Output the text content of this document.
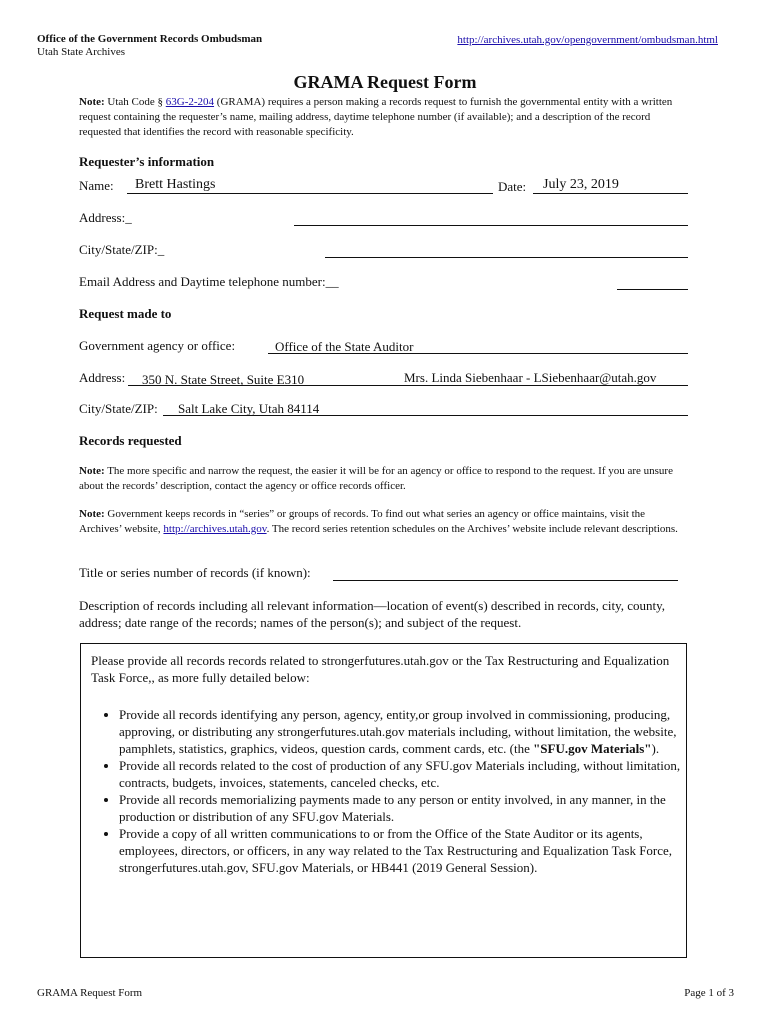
Office of the Government Records Ombudsman
Utah State Archives
http://archives.utah.gov/opengovernment/ombudsman.html
GRAMA Request Form
Note: Utah Code § 63G-2-204 (GRAMA) requires a person making a records request to furnish the governmental entity with a written request containing the requester’s name, mailing address, daytime telephone number (if available); and a description of the record requested that identifies the record with reasonable specificity.
Requester’s information
Name: Brett Hastings	Date: July 23, 2019
Address:_
City/State/ZIP:_
Email Address and Daytime telephone number:__
Request made to
Government agency or office:	Office of the State Auditor
Address: 350 N. State Street, Suite E310	Mrs. Linda Siebenhaar - LSiebenhaar@utah.gov
City/State/ZIP: Salt Lake City, Utah 84114
Records requested
Note: The more specific and narrow the request, the easier it will be for an agency or office to respond to the request. If you are unsure about the records’ description, contact the agency or office records officer.
Note: Government keeps records in “series” or groups of records. To find out what series an agency or office maintains, visit the Archives’ website, http://archives.utah.gov. The record series retention schedules on the Archives’ website include relevant descriptions.
Title or series number of records (if known):
Description of records including all relevant information—location of event(s) described in records, city, county, address; date range of the records; names of the person(s); and subject of the request.
Please provide all records records related to strongerfutures.utah.gov or the Tax Restructuring and Equalization Task Force,, as more fully detailed below:
• Provide all records identifying any person, agency, entity,or group involved in commissioning, producing, approving, or distributing any strongerfutures.utah.gov materials including, without limitation, the website, pamphlets, statistics, graphics, videos, question cards, comment cards, etc. (the "SFU.gov Materials").
• Provide all records related to the cost of production of any SFU.gov Materials including, without limitation, contracts, budgets, invoices, statements, canceled checks, etc.
• Provide all records memorializing payments made to any person or entity involved, in any manner, in the production or distribution of any SFU.gov Materials.
• Provide a copy of all written communications to or from the Office of the State Auditor or its agents, employees, directors, or officers, in any way related to the Tax Restructuring and Equalization Task Force, strongerfutures.utah.gov, SFU.gov Materials, or HB441 (2019 General Session).
GRAMA Request Form	Page 1 of 3
